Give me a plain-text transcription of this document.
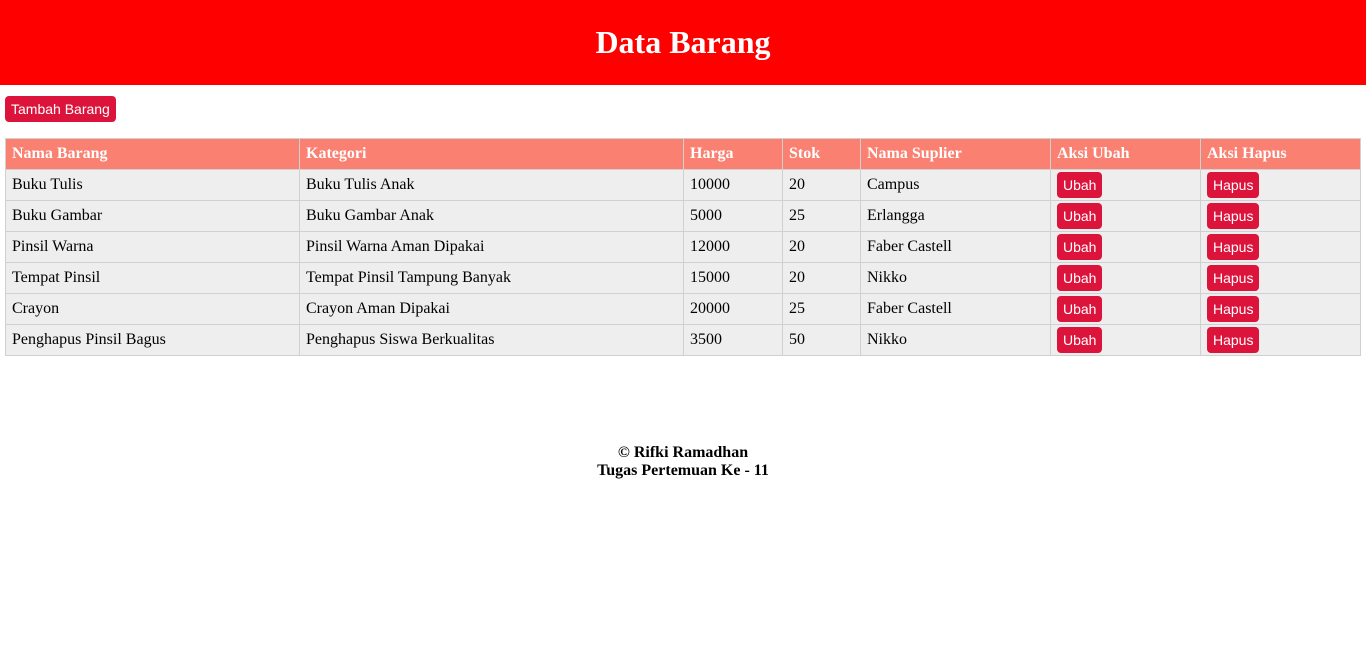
Data Barang
Tambah Barang
Nama Barang	Kategori	Harga	Stok	Nama Suplier	Aksi Ubah	Aksi Hapus
Buku Tulis	Buku Tulis Anak	10000	20	Campus	Ubah	Hapus
Buku Gambar	Buku Gambar Anak	5000	25	Erlangga	Ubah	Hapus
Pinsil Warna	Pinsil Warna Aman Dipakai	12000	20	Faber Castell	Ubah	Hapus
Tempat Pinsil	Tempat Pinsil Tampung Banyak	15000	20	Nikko	Ubah	Hapus
Crayon	Crayon Aman Dipakai	20000	25	Faber Castell	Ubah	Hapus
Penghapus Pinsil Bagus	Penghapus Siswa Berkualitas	3500	50	Nikko	Ubah	Hapus
© Rifki Ramadhan
Tugas Pertemuan Ke - 11
